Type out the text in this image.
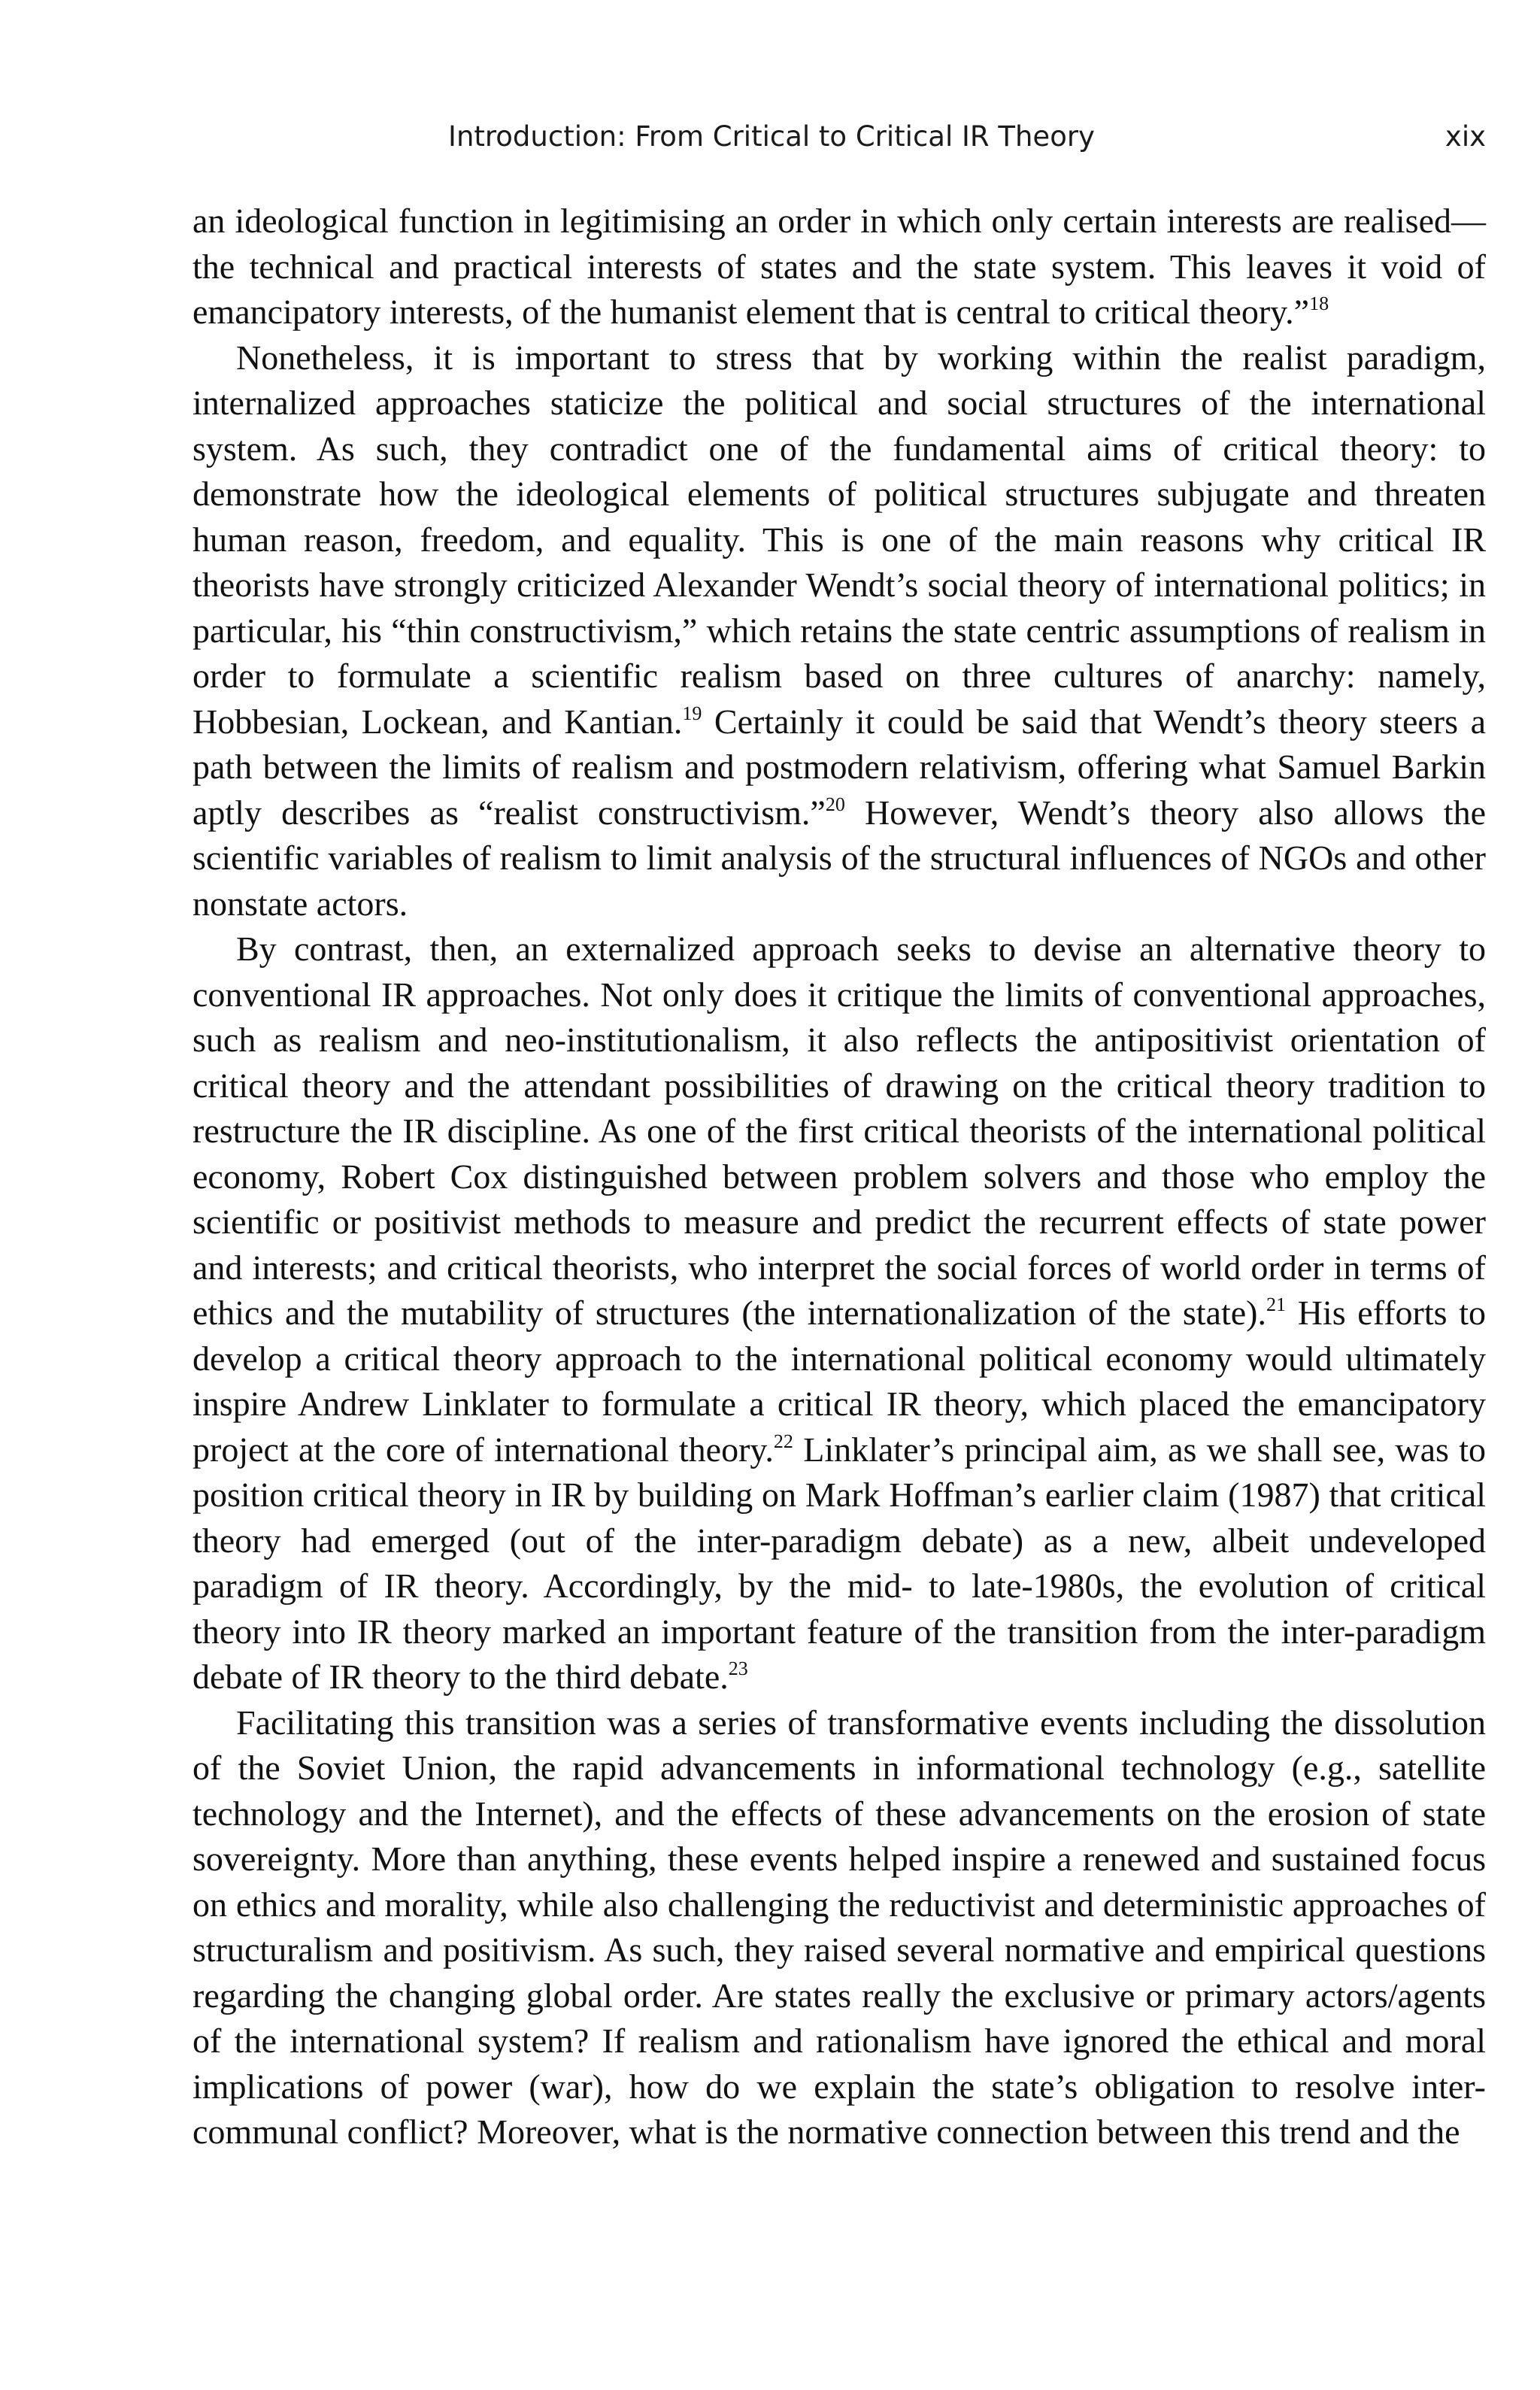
Introduction: From Critical to Critical IR Theory	xix

an ideological function in legitimising an order in which only certain interests are realised—the technical and practical interests of states and the state system. This leaves it void of emancipatory interests, of the humanist element that is central to critical theory.”$^{18}$

Nonetheless, it is important to stress that by working within the realist paradigm, internalized approaches staticize the political and social structures of the international system. As such, they contradict one of the fundamental aims of critical theory: to demonstrate how the ideological elements of political structures subjugate and threaten human reason, freedom, and equality. This is one of the main reasons why critical IR theorists have strongly criticized Alexander Wendt’s social theory of international politics; in particular, his “thin constructivism,” which retains the state centric assumptions of realism in order to formulate a scientific realism based on three cultures of anarchy: namely, Hobbesian, Lockean, and Kantian.$^{19}$ Certainly it could be said that Wendt’s theory steers a path between the limits of realism and postmodern relativism, offering what Samuel Barkin aptly describes as “realist constructivism.”$^{20}$ However, Wendt’s theory also allows the scientific variables of realism to limit analysis of the structural influences of NGOs and other nonstate actors.

By contrast, then, an externalized approach seeks to devise an alternative theory to conventional IR approaches. Not only does it critique the limits of conventional approaches, such as realism and neo-institutionalism, it also reflects the antipositivist orientation of critical theory and the attendant possibilities of drawing on the critical theory tradition to restructure the IR discipline. As one of the first critical theorists of the international political economy, Robert Cox distinguished between problem solvers and those who employ the scientific or positivist methods to measure and predict the recurrent effects of state power and interests; and critical theorists, who interpret the social forces of world order in terms of ethics and the mutability of structures (the internationalization of the state).$^{21}$ His efforts to develop a critical theory approach to the international political economy would ultimately inspire Andrew Linklater to formulate a critical IR theory, which placed the emancipatory project at the core of international theory.$^{22}$ Linklater’s principal aim, as we shall see, was to position critical theory in IR by building on Mark Hoffman’s earlier claim (1987) that critical theory had emerged (out of the inter-paradigm debate) as a new, albeit undeveloped paradigm of IR theory. Accordingly, by the mid- to late-1980s, the evolution of critical theory into IR theory marked an important feature of the transition from the inter-paradigm debate of IR theory to the third debate.$^{23}$

Facilitating this transition was a series of transformative events including the dissolution of the Soviet Union, the rapid advancements in informational technology (e.g., satellite technology and the Internet), and the effects of these advancements on the erosion of state sovereignty. More than anything, these events helped inspire a renewed and sustained focus on ethics and morality, while also challenging the reductivist and deterministic approaches of structuralism and positivism. As such, they raised several normative and empirical questions regarding the changing global order. Are states really the exclusive or primary actors/agents of the international system? If realism and rationalism have ignored the ethical and moral implications of power (war), how do we explain the state’s obligation to resolve inter-communal conflict? Moreover, what is the normative connection between this trend and the
